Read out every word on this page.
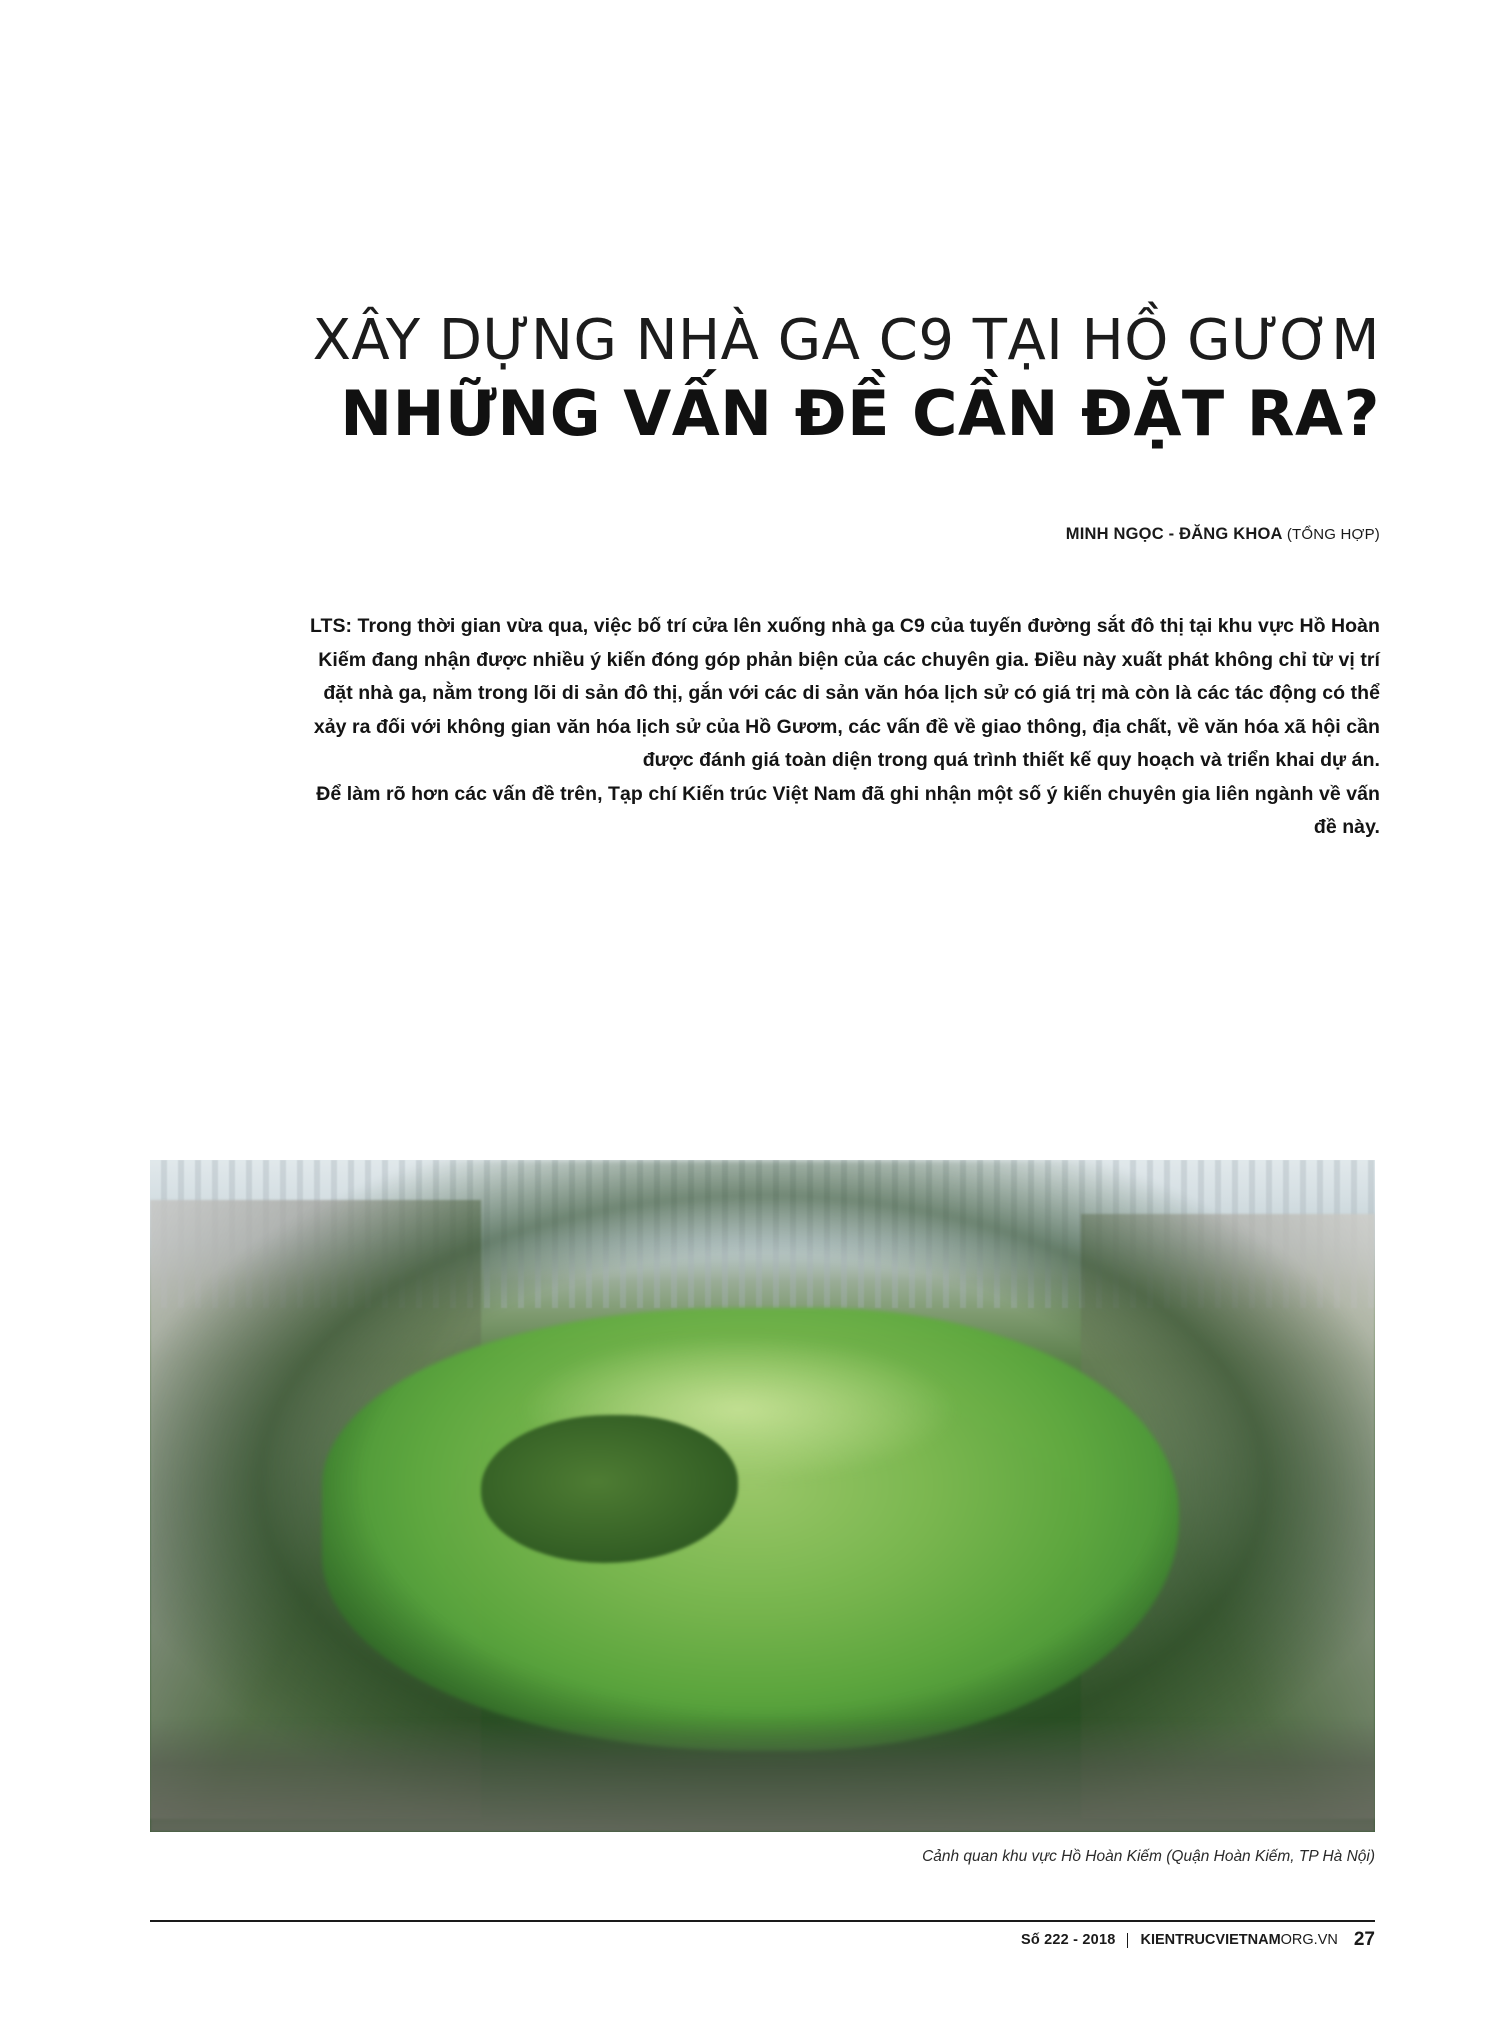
XÂY DỰNG NHÀ GA C9 TẠI HỒ GƯƠM
NHỮNG VẤN ĐỀ CẦN ĐẶT RA?
MINH NGỌC - ĐĂNG KHOA (TỔNG HỢP)

LTS: Trong thời gian vừa qua, việc bố trí cửa lên xuống nhà ga C9 của tuyến đường sắt đô thị tại khu vực Hồ Hoàn Kiếm đang nhận được nhiều ý kiến đóng góp phản biện của các chuyên gia. Điều này xuất phát không chỉ từ vị trí đặt nhà ga, nằm trong lõi di sản đô thị, gắn với các di sản văn hóa lịch sử có giá trị mà còn là các tác động có thể xảy ra đối với không gian văn hóa lịch sử của Hồ Gươm, các vấn đề về giao thông, địa chất, về văn hóa xã hội cần được đánh giá toàn diện trong quá trình thiết kế quy hoạch và triển khai dự án.

Để làm rõ hơn các vấn đề trên, Tạp chí Kiến trúc Việt Nam đã ghi nhận một số ý kiến chuyên gia liên ngành về vấn đề này.

Cảnh quan khu vực Hồ Hoàn Kiếm (Quận Hoàn Kiếm, TP Hà Nội)
Số 222 - 2018 KIENTRUCVIETNAMORG.VN 27
